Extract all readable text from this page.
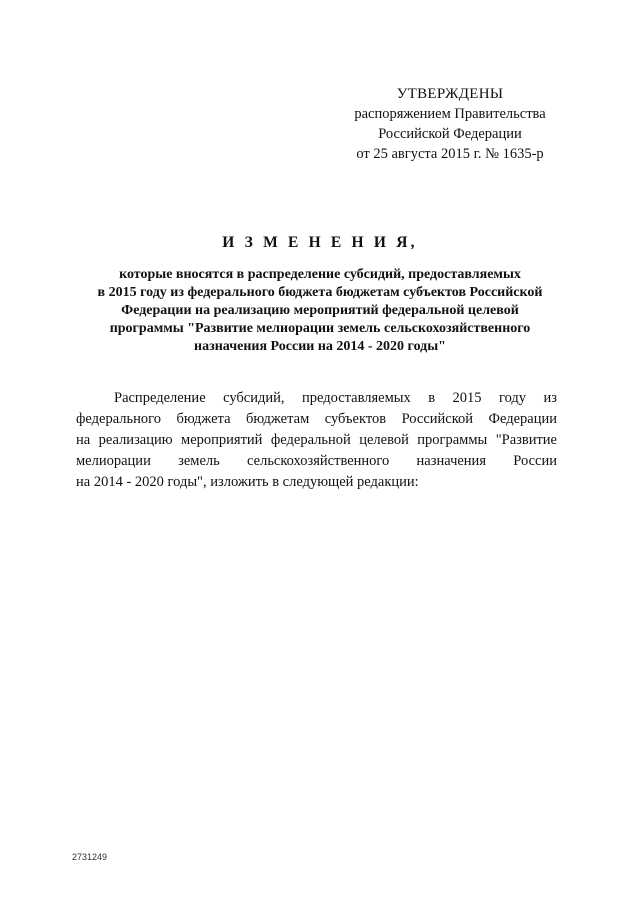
УТВЕРЖДЕНЫ
распоряжением Правительства
Российской Федерации
от 25 августа 2015 г. № 1635-р
И З М Е Н Е Н И Я,
которые вносятся в распределение субсидий, предоставляемых
в 2015 году из федерального бюджета бюджетам субъектов Российской
Федерации на реализацию мероприятий федеральной целевой
программы "Развитие мелиорации земель сельскохозяйственного
назначения России на 2014 - 2020 годы"
Распределение субсидий, предоставляемых в 2015 году из
федерального бюджета бюджетам субъектов Российской Федерации
на реализацию мероприятий федеральной целевой программы "Развитие
мелиорации земель сельскохозяйственного назначения России
на 2014 - 2020 годы", изложить в следующей редакции:
2731249
